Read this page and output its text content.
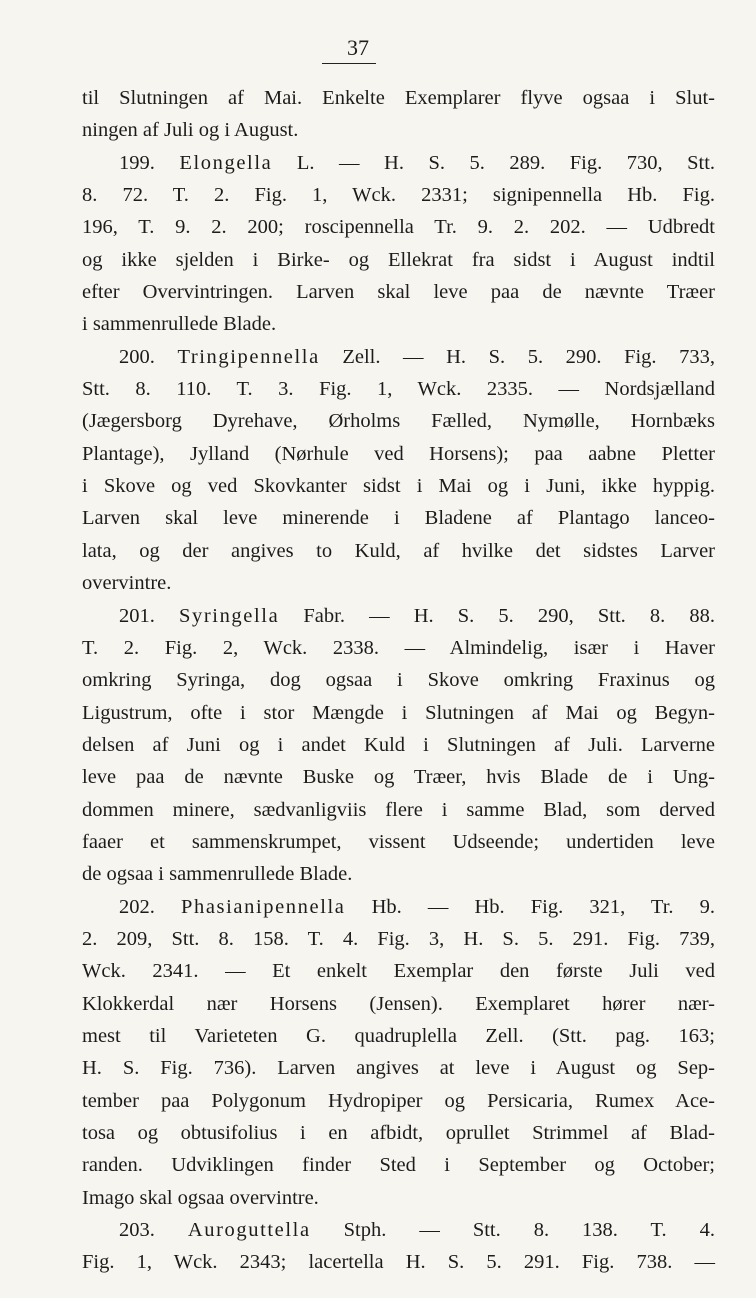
37
til Slutningen af Mai. Enkelte Exemplarer flyve ogsaa i Slut-
ningen af Juli og i August.
199. Elongella L. — H. S. 5. 289. Fig. 730, Stt.
8. 72. T. 2. Fig. 1, Wck. 2331; signipennella Hb. Fig.
196, T. 9. 2. 200; roscipennella Tr. 9. 2. 202. — Udbredt
og ikke sjelden i Birke- og Ellekrat fra sidst i August indtil
efter Overvintringen. Larven skal leve paa de nævnte Træer
i sammenrullede Blade.
200. Tringipennella Zell. — H. S. 5. 290. Fig. 733,
Stt. 8. 110. T. 3. Fig. 1, Wck. 2335. — Nordsjælland
(Jægersborg Dyrehave, Ørholms Fælled, Nymølle, Hornbæks
Plantage), Jylland (Nørhule ved Horsens); paa aabne Pletter
i Skove og ved Skovkanter sidst i Mai og i Juni, ikke hyppig.
Larven skal leve minerende i Bladene af Plantago lanceo-
lata, og der angives to Kuld, af hvilke det sidstes Larver
overvintre.
201. Syringella Fabr. — H. S. 5. 290, Stt. 8. 88.
T. 2. Fig. 2, Wck. 2338. — Almindelig, især i Haver
omkring Syringa, dog ogsaa i Skove omkring Fraxinus og
Ligustrum, ofte i stor Mængde i Slutningen af Mai og Begyn-
delsen af Juni og i andet Kuld i Slutningen af Juli. Larverne
leve paa de nævnte Buske og Træer, hvis Blade de i Ung-
dommen minere, sædvanligviis flere i samme Blad, som derved
faaer et sammenskrumpet, vissent Udseende; undertiden leve
de ogsaa i sammenrullede Blade.
202. Phasianipennella Hb. — Hb. Fig. 321, Tr. 9.
2. 209, Stt. 8. 158. T. 4. Fig. 3, H. S. 5. 291. Fig. 739,
Wck. 2341. — Et enkelt Exemplar den første Juli ved
Klokkerdal nær Horsens (Jensen). Exemplaret hører nær-
mest til Varieteten G. quadruplella Zell. (Stt. pag. 163;
H. S. Fig. 736). Larven angives at leve i August og Sep-
tember paa Polygonum Hydropiper og Persicaria, Rumex Ace-
tosa og obtusifolius i en afbidt, oprullet Strimmel af Blad-
randen. Udviklingen finder Sted i September og October;
Imago skal ogsaa overvintre.
203. Auroguttella Stph. — Stt. 8. 138. T. 4.
Fig. 1, Wck. 2343; lacertella H. S. 5. 291. Fig. 738. —
